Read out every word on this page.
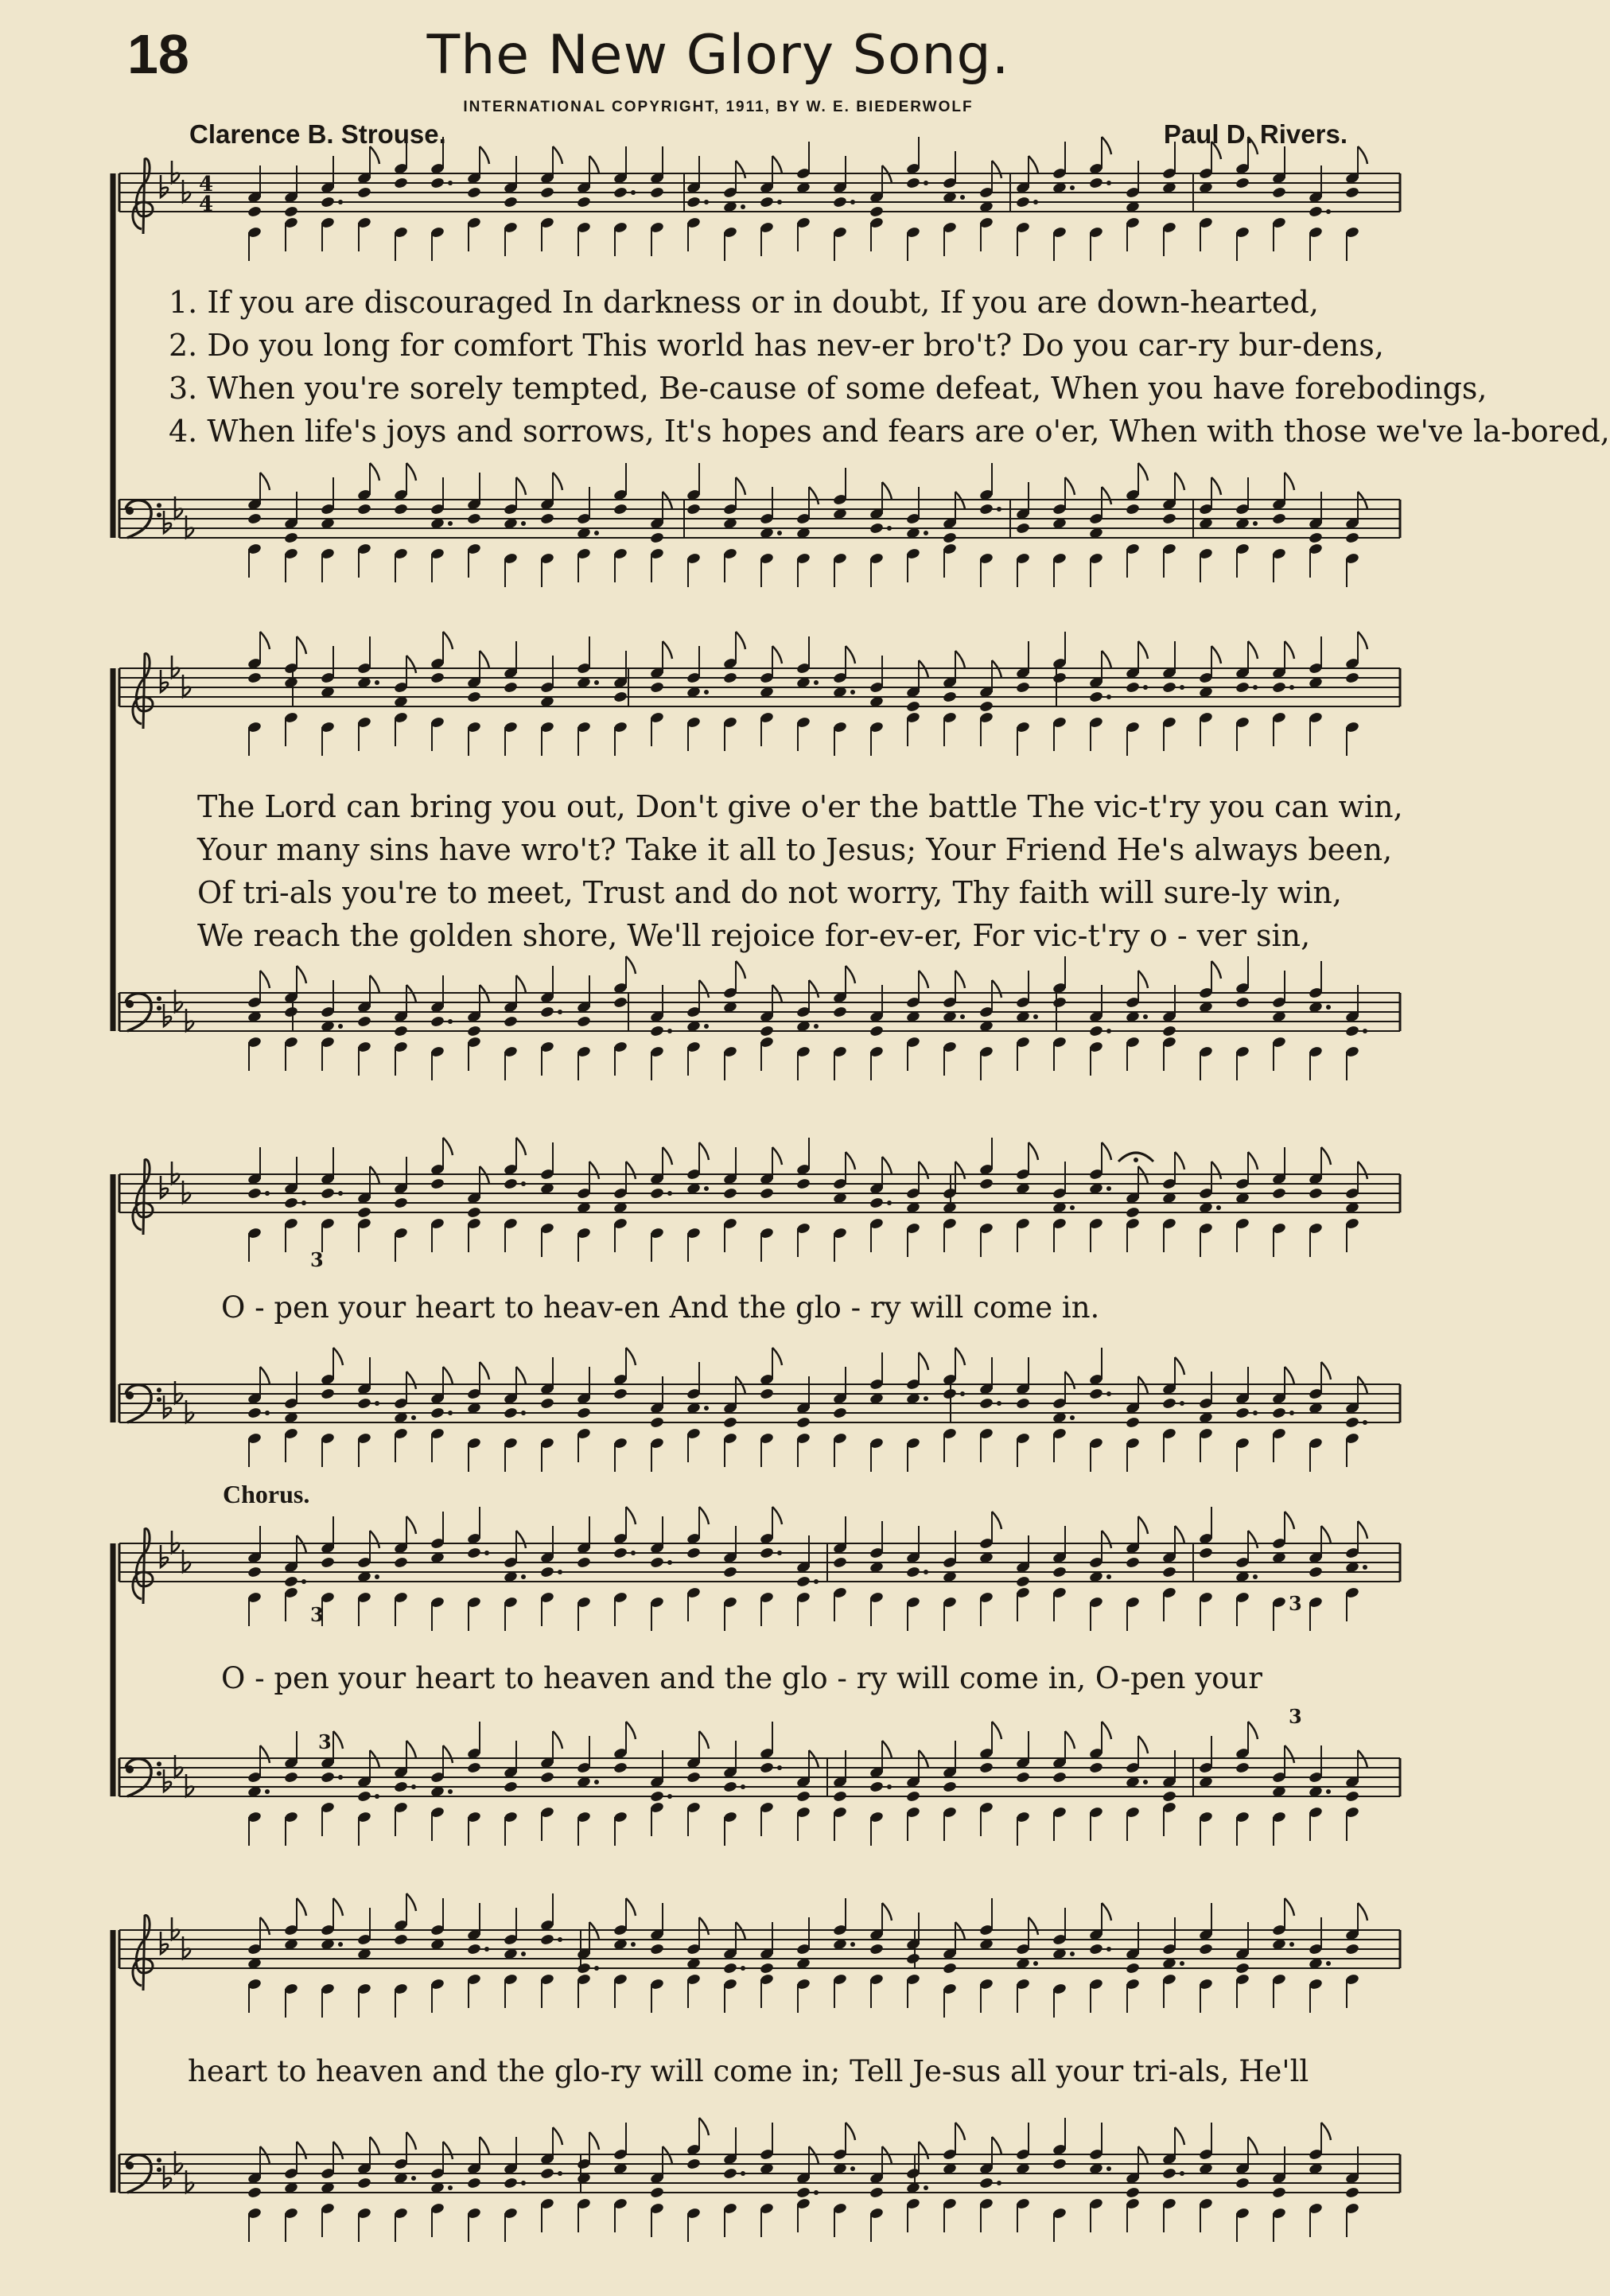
18	The New Glory Song.
INTERNATIONAL COPYRIGHT, 1911, BY W. E. BIEDERWOLF
Clarence B. Strouse.	Paul D. Rivers.
4
4
3
3
3
3
3
1. If you are discouraged In darkness or in doubt, If you are down-hearted,
2. Do you long for comfort This world has nev-er bro't? Do you car-ry bur-dens,
3. When you're sorely tempted, Be-cause of some defeat, When you have forebodings,
4. When life's joys and sorrows, It's hopes and fears are o'er, When with those we've la-bored,
The Lord can bring you out, Don't give o'er the battle The vic-t'ry you can win,
Your many sins have wro't? Take it all to Jesus; Your Friend He's always been,
Of tri-als you're to meet, Trust and do not worry, Thy faith will sure-ly win,
We reach the golden shore, We'll rejoice for-ev-er, For vic-t'ry o - ver sin,
O - pen your heart to heav-en And the glo - ry will come in.
Chorus.
O - pen your heart to heaven and the glo - ry will come in, O-pen your
heart to heaven and the glo-ry will come in; Tell Je-sus all your tri-als, He'll
